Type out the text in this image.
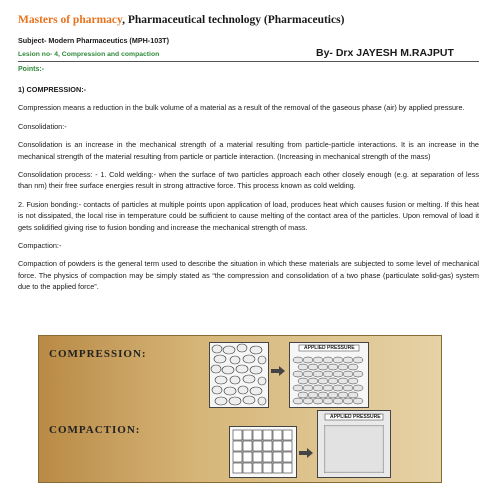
Masters of pharmacy, Pharmaceutical technology (Pharmaceutics)
Subject- Modern Pharmaceutics (MPH-103T)
Lesion no- 4, Compression and compaction	By- Drx JAYESH M.RAJPUT
Points:-

1) COMPRESSION:-

Compression means a reduction in the bulk volume of a material as a result of the removal of the gaseous phase (air) by applied pressure.

Consolidation:-

Consolidation is an increase in the mechanical strength of a material resulting from particle-particle interactions. It is an increase in the mechanical strength of the material resulting from particle or particle interaction. (Increasing in mechanical strength of the mass)

Consolidation process: - 1. Cold welding:- when the surface of two particles approach each other closely enough (e.g. at separation of less than nm) their free surface energies result in strong attractive force. This process known as cold welding.

2. Fusion bonding:- contacts of particles at multiple points upon application of load, produces heat which causes fusion or melting. If this heat is not dissipated, the local rise in temperature could be sufficient to cause melting of the contact area of the particles. Upon removal of load it gets solidified giving rise to fusion bonding and increase the mechanical strength of mass.

Compaction:-

Compaction of powders is the general term used to describe the situation in which these materials are subjected to some level of mechanical force. The physics of compaction may be simply stated as “the compression and consolidation of a two phase (particulate solid-gas) system due to the applied force”.

COMPRESSION:
COMPACTION:
APPLIED PRESSURE
APPLIED PRESSURE
